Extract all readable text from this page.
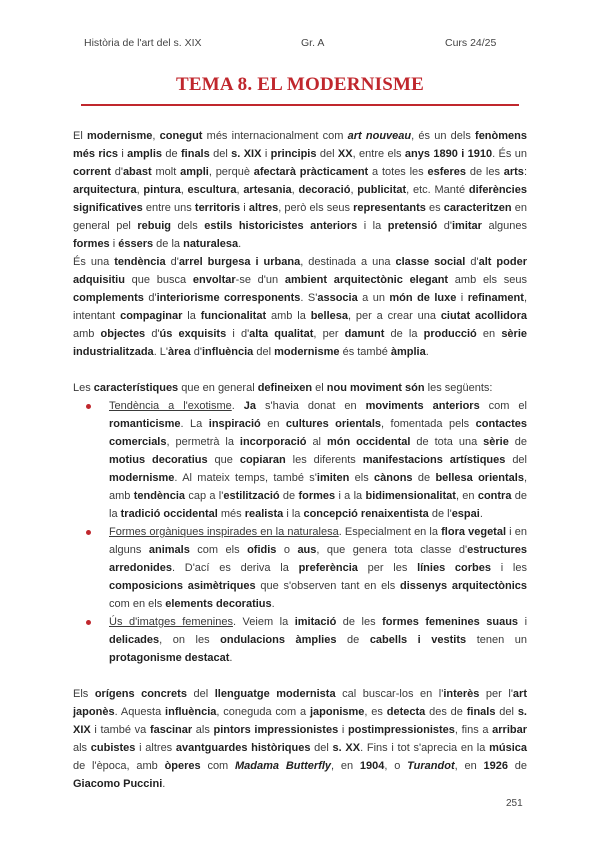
Història de l'art del s. XIX	Gr. A	Curs 24/25
TEMA 8. EL MODERNISME

El modernisme, conegut més internacionalment com art nouveau, és un dels fenòmens més rics i amplis de finals del s. XIX i principis del XX, entre els anys 1890 i 1910. És un corrent d'abast molt ampli, perquè afectarà pràcticament a totes les esferes de les arts: arquitectura, pintura, escultura, artesania, decoració, publicitat, etc. Manté diferències significatives entre uns territoris i altres, però els seus representants es caracteritzen en general pel rebuig dels estils historicistes anteriors i la pretensió d'imitar algunes formes i éssers de la naturalesa.

És una tendència d'arrel burgesa i urbana, destinada a una classe social d'alt poder adquisitiu que busca envoltar-se d'un ambient arquitectònic elegant amb els seus complements d'interiorisme corresponents. S'associa a un món de luxe i refinament, intentant compaginar la funcionalitat amb la bellesa, per a crear una ciutat acollidora amb objectes d'ús exquisits i d'alta qualitat, per damunt de la producció en sèrie industrialitzada. L'àrea d'influència del modernisme és també àmplia.

Les característiques que en general defineixen el nou moviment són les següents:

Tendència a l'exotisme. Ja s'havia donat en moviments anteriors com el romanticisme. La inspiració en cultures orientals, fomentada pels contactes comercials, permetrà la incorporació al món occidental de tota una sèrie de motius decoratius que copiaran les diferents manifestacions artístiques del modernisme. Al mateix temps, també s'imiten els cànons de bellesa orientals, amb tendència cap a l'estilització de formes i a la bidimensionalitat, en contra de la tradició occidental més realista i la concepció renaixentista de l'espai.
Formes orgàniques inspirades en la naturalesa. Especialment en la flora vegetal i en alguns animals com els ofidis o aus, que genera tota classe d'estructures arredonides. D'ací es deriva la preferència per les línies corbes i les composicions asimètriques que s'observen tant en els dissenys arquitectònics com en els elements decoratius.
Ús d'imatges femenines. Veiem la imitació de les formes femenines suaus i delicades, on les ondulacions àmplies de cabells i vestits tenen un protagonisme destacat.

Els orígens concrets del llenguatge modernista cal buscar-los en l'interès per l'art japonès. Aquesta influència, coneguda com a japonisme, es detecta des de finals del s. XIX i també va fascinar als pintors impressionistes i postimpressionistes, fins a arribar als cubistes i altres avantguardes històriques del s. XX. Fins i tot s'aprecia en la música de l'època, amb òperes com Madama Butterfly, en 1904, o Turandot, en 1926 de Giacomo Puccini.

251
